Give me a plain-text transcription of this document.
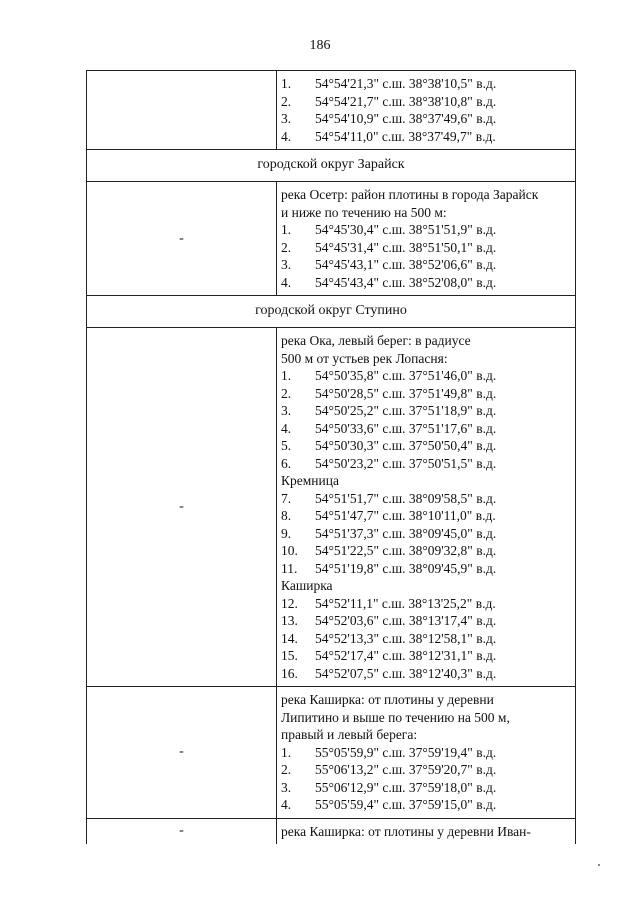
186
1.	54°54'21,3" с.ш. 38°38'10,5" в.д.
2.	54°54'21,7" с.ш. 38°38'10,8" в.д.
3.	54°54'10,9" с.ш. 38°37'49,6" в.д.
4.	54°54'11,0" с.ш. 38°37'49,7" в.д.
городской округ Зарайск
-
река Осетр: район плотины в города Зарайск
и ниже по течению на 500 м:
1.	54°45'30,4" с.ш. 38°51'51,9" в.д.
2.	54°45'31,4" с.ш. 38°51'50,1" в.д.
3.	54°45'43,1" с.ш. 38°52'06,6" в.д.
4.	54°45'43,4" с.ш. 38°52'08,0" в.д.
городской округ Ступино
-
река Ока, левый берег: в радиусе
500 м от устьев рек Лопасня:
1.	54°50'35,8" с.ш. 37°51'46,0" в.д.
2.	54°50'28,5" с.ш. 37°51'49,8" в.д.
3.	54°50'25,2" с.ш. 37°51'18,9" в.д.
4.	54°50'33,6" с.ш. 37°51'17,6" в.д.
5.	54°50'30,3" с.ш. 37°50'50,4" в.д.
6.	54°50'23,2" с.ш. 37°50'51,5" в.д.
Кремница
7.	54°51'51,7" с.ш. 38°09'58,5" в.д.
8.	54°51'47,7" с.ш. 38°10'11,0" в.д.
9.	54°51'37,3" с.ш. 38°09'45,0" в.д.
10.	54°51'22,5" с.ш. 38°09'32,8" в.д.
11.	54°51'19,8" с.ш. 38°09'45,9" в.д.
Каширка
12.	54°52'11,1" с.ш. 38°13'25,2" в.д.
13.	54°52'03,6" с.ш. 38°13'17,4" в.д.
14.	54°52'13,3" с.ш. 38°12'58,1" в.д.
15.	54°52'17,4" с.ш. 38°12'31,1" в.д.
16.	54°52'07,5" с.ш. 38°12'40,3" в.д.
-
река Каширка: от плотины у деревни
Липитино и выше по течению на 500 м,
правый и левый берега:
1.	55°05'59,9" с.ш. 37°59'19,4" в.д.
2.	55°06'13,2" с.ш. 37°59'20,7" в.д.
3.	55°06'12,9" с.ш. 37°59'18,0" в.д.
4.	55°05'59,4" с.ш. 37°59'15,0" в.д.
-	река Каширка: от плотины у деревни Иван-
